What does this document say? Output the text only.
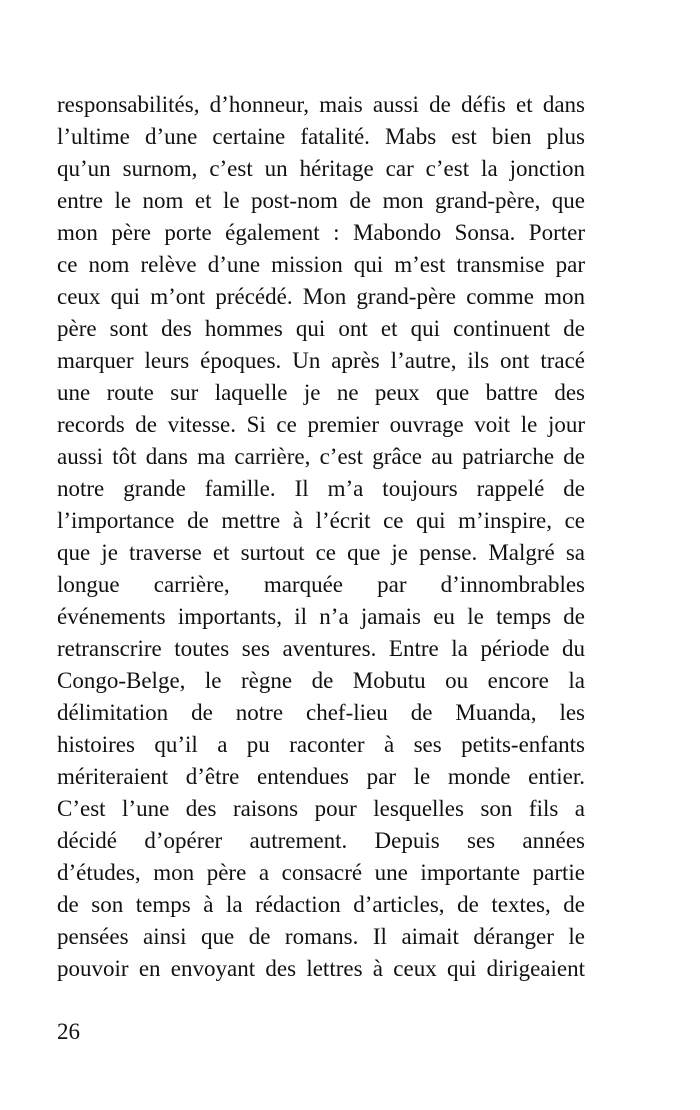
responsabilités, d’honneur, mais aussi de défis et dans
l’ultime d’une certaine fatalité. Mabs est bien plus
qu’un surnom, c’est un héritage car c’est la jonction
entre le nom et le post-nom de mon grand-père, que
mon père porte également : Mabondo Sonsa. Porter
ce nom relève d’une mission qui m’est transmise par
ceux qui m’ont précédé. Mon grand-père comme mon
père sont des hommes qui ont et qui continuent de
marquer leurs époques. Un après l’autre, ils ont tracé
une route sur laquelle je ne peux que battre des
records de vitesse. Si ce premier ouvrage voit le jour
aussi tôt dans ma carrière, c’est grâce au patriarche de
notre grande famille. Il m’a toujours rappelé de
l’importance de mettre à l’écrit ce qui m’inspire, ce
que je traverse et surtout ce que je pense. Malgré sa
longue carrière, marquée par d’innombrables
événements importants, il n’a jamais eu le temps de
retranscrire toutes ses aventures. Entre la période du
Congo-Belge, le règne de Mobutu ou encore la
délimitation de notre chef-lieu de Muanda, les
histoires qu’il a pu raconter à ses petits-enfants
mériteraient d’être entendues par le monde entier.
C’est l’une des raisons pour lesquelles son fils a
décidé d’opérer autrement. Depuis ses années
d’études, mon père a consacré une importante partie
de son temps à la rédaction d’articles, de textes, de
pensées ainsi que de romans. Il aimait déranger le
pouvoir en envoyant des lettres à ceux qui dirigeaient
26
